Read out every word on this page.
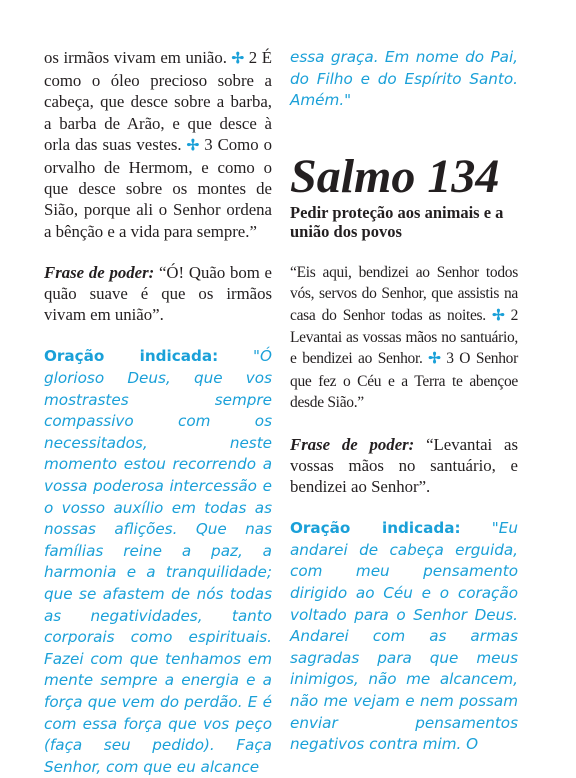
os irmãos vivam em união. ✢ 2 É como o óleo precioso sobre a cabeça, que desce sobre a barba, a barba de Arão, e que desce à orla das suas vestes. ✢ 3 Como o orvalho de Hermom, e como o que desce sobre os montes de Sião, porque ali o Senhor ordena a bênção e a vida para sempre.”

Frase de poder: “Ó! Quão bom e quão suave é que os irmãos vivam em união”.

Oração indicada: "Ó glorioso Deus, que vos mostrastes sempre compassivo com os necessitados, neste momento estou recorrendo a vossa poderosa intercessão e o vosso auxílio em todas as nossas aflições. Que nas famílias reine a paz, a harmonia e a tranquilidade; que se afastem de nós todas as negatividades, tanto corporais como espirituais. Fazei com que tenhamos em mente sempre a energia e a força que vem do perdão. E é com essa força que vos peço (faça seu pedido). Faça Senhor, com que eu alcance

essa graça. Em nome do Pai, do Filho e do Espírito Santo. Amém."

Salmo 134
Pedir proteção aos animais e a união dos povos

“Eis aqui, bendizei ao Senhor todos vós, servos do Senhor, que assistis na casa do Senhor todas as noites. ✢ 2 Levantai as vossas mãos no santuário, e bendizei ao Senhor. ✢ 3 O Senhor que fez o Céu e a Terra te abençoe desde Sião.”

Frase de poder: “Levantai as vossas mãos no santuário, e bendizei ao Senhor”.

Oração indicada: "Eu andarei de cabeça erguida, com meu pensamento dirigido ao Céu e o coração voltado para o Senhor Deus. Andarei com as armas sagradas para que meus inimigos, não me alcancem, não me vejam e nem possam enviar pensamentos negativos contra mim. O
